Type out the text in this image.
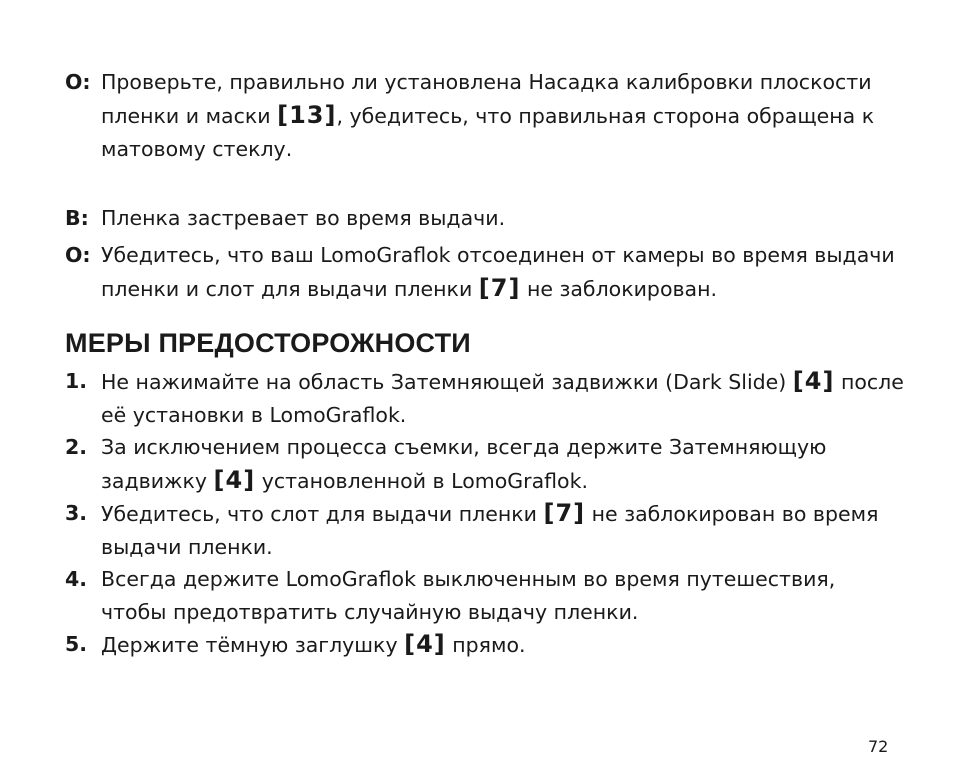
О: Проверьте, правильно ли установлена Насадка калибровки плоскости пленки и маски [13], убедитесь, что правильная сторона обращена к матовому стеклу.
В: Пленка застревает во время выдачи.
О: Убедитесь, что ваш LomoGraflok отсоединен от камеры во время выдачи пленки и слот для выдачи пленки [7] не заблокирован.
МЕРЫ ПРЕДОСТОРОЖНОСТИ
1. Не нажимайте на область Затемняющей задвижки (Dark Slide) [4] после её установки в LomoGraflok.
2. За исключением процесса съемки, всегда держите Затемняющую задвижку [4] установленной в LomoGraflok.
3. Убедитесь, что слот для выдачи пленки [7] не заблокирован во время выдачи пленки.
4. Всегда держите LomoGraflok выключенным во время путешествия, чтобы предотвратить случайную выдачу пленки.
5. Держите тёмную заглушку [4] прямо.
72
